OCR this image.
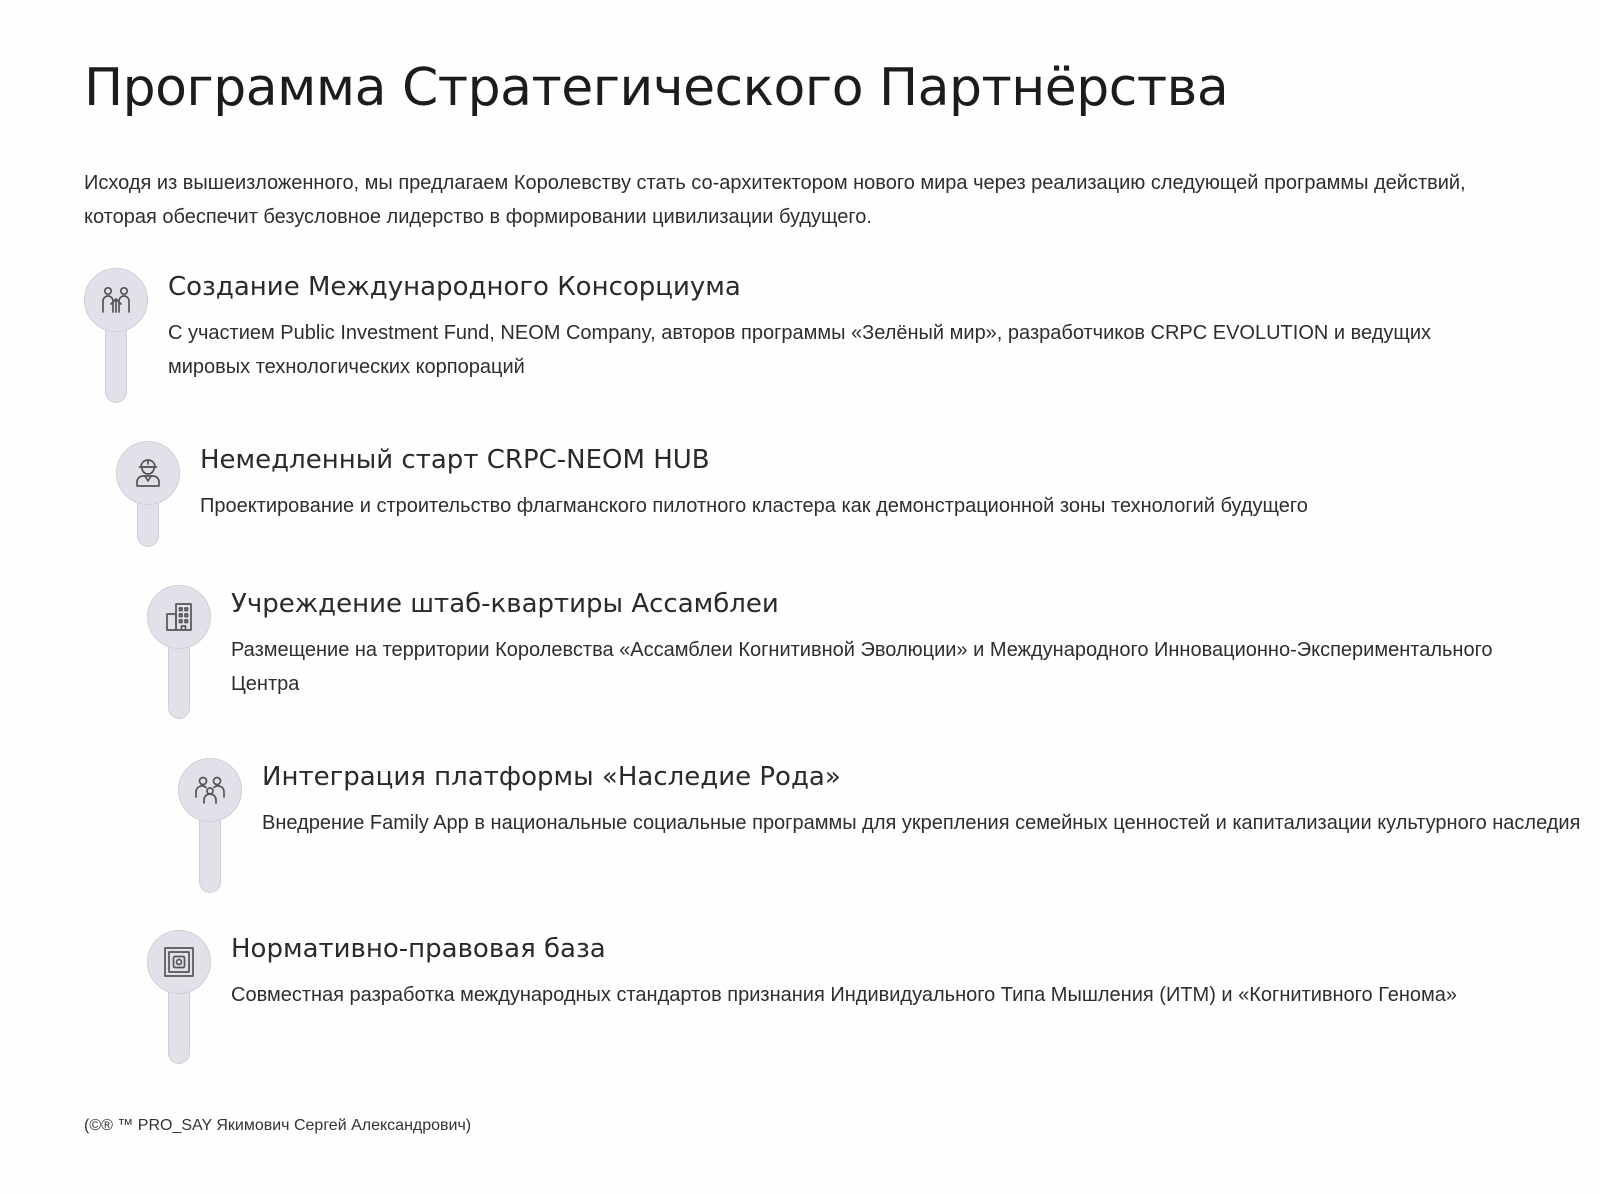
Программа Стратегического Партнёрства

Исходя из вышеизложенного, мы предлагаем Королевству стать со-архитектором нового мира через реализацию следующей программы действий, которая обеспечит безусловное лидерство в формировании цивилизации будущего.

Создание Международного Консорциума

С участием Public Investment Fund, NEOM Company, авторов программы «Зелёный мир», разработчиков CRPC EVOLUTION и ведущих мировых технологических корпораций

Немедленный старт CRPC-NEOM HUB

Проектирование и строительство флагманского пилотного кластера как демонстрационной зоны технологий будущего

Учреждение штаб-квартиры Ассамблеи

Размещение на территории Королевства «Ассамблеи Когнитивной Эволюции» и Международного Инновационно-Экспериментального Центра

Интеграция платформы «Наследие Рода»

Внедрение Family App в национальные социальные программы для укрепления семейных ценностей и капитализации культурного наследия

Нормативно-правовая база

Совместная разработка международных стандартов признания Индивидуального Типа Мышления (ИТМ) и «Когнитивного Генома»

(©® ™ PRO_SAY Якимович Сергей Александрович)
